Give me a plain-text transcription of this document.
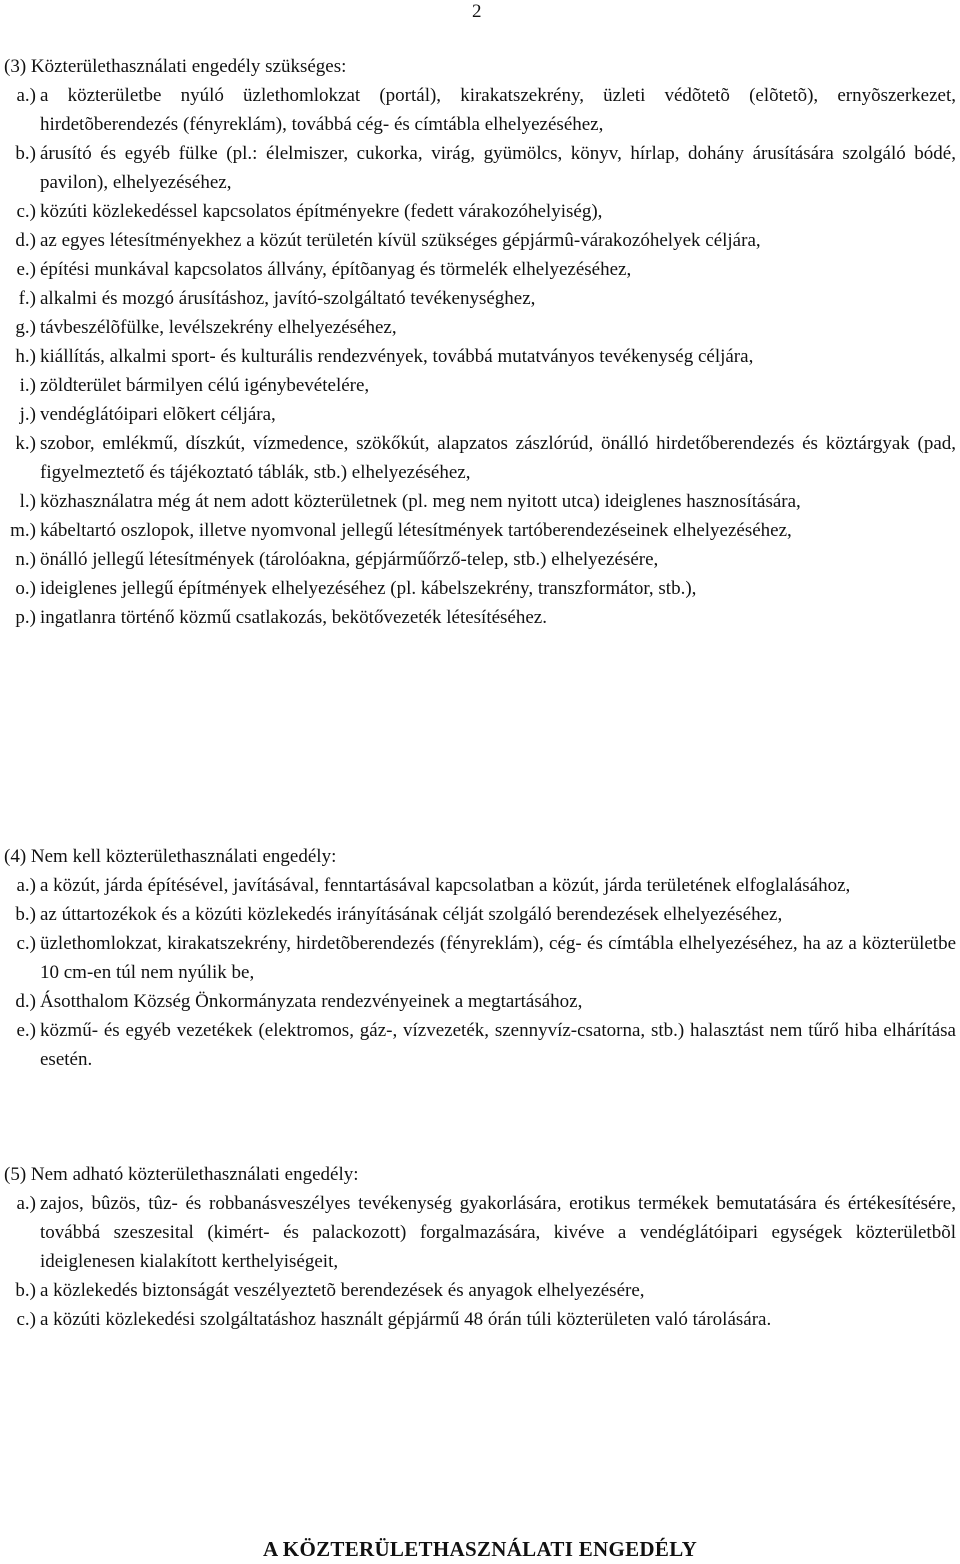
2

(3) Közterülethasználati engedély szükséges:

a.) a közterületbe nyúló üzlethomlokzat (portál), kirakatszekrény, üzleti védõtetõ (elõtetõ), ernyõszerkezet, hirdetõberendezés (fényreklám), továbbá cég- és címtábla elhelyezéséhez,
b.) árusító és egyéb fülke (pl.: élelmiszer, cukorka, virág, gyümölcs, könyv, hírlap, dohány árusítására szolgáló bódé, pavilon), elhelyezéséhez,
c.) közúti közlekedéssel kapcsolatos építményekre (fedett várakozóhelyiség),
d.) az egyes létesítményekhez a közút területén kívül szükséges gépjármû-várakozóhelyek céljára,
e.) építési munkával kapcsolatos állvány, építõanyag és törmelék elhelyezéséhez,
f.) alkalmi és mozgó árusításhoz, javító-szolgáltató tevékenységhez,
g.) távbeszélõfülke, levélszekrény elhelyezéséhez,
h.) kiállítás, alkalmi sport- és kulturális rendezvények, továbbá mutatványos tevékenység céljára,
i.) zöldterület bármilyen célú igénybevételére,
j.) vendéglátóipari elõkert céljára,
k.) szobor, emlékmű, díszkút, vízmedence, szökőkút, alapzatos zászlórúd, önálló hirdetőberendezés és köztárgyak (pad, figyelmeztető és tájékoztató táblák, stb.) elhelyezéséhez,
l.) közhasználatra még át nem adott közterületnek (pl. meg nem nyitott utca) ideiglenes hasznosítására,
m.) kábeltartó oszlopok, illetve nyomvonal jellegű létesítmények tartóberendezéseinek elhelyezéséhez,
n.) önálló jellegű létesítmények (tárolóakna, gépjárműőrző-telep, stb.) elhelyezésére,
o.) ideiglenes jellegű építmények elhelyezéséhez (pl. kábelszekrény, transzformátor, stb.),
p.) ingatlanra történő közmű csatlakozás, bekötővezeték létesítéséhez.

(4) Nem kell közterülethasználati engedély:

a.) a közút, járda építésével, javításával, fenntartásával kapcsolatban a közút, járda területének elfoglalásához,
b.) az úttartozékok és a közúti közlekedés irányításának célját szolgáló berendezések elhelyezéséhez,
c.) üzlethomlokzat, kirakatszekrény, hirdetõberendezés (fényreklám), cég- és címtábla elhelyezéséhez, ha az a közterületbe 10 cm-en túl nem nyúlik be,
d.) Ásotthalom Község Önkormányzata rendezvényeinek a megtartásához,
e.) közmű- és egyéb vezetékek (elektromos, gáz-, vízvezeték, szennyvíz-csatorna, stb.) halasztást nem tűrő hiba elhárítása esetén.

(5) Nem adható közterülethasználati engedély:

a.) zajos, bûzös, tûz- és robbanásveszélyes tevékenység gyakorlására, erotikus termékek bemutatására és értékesítésére, továbbá szeszesital (kimért- és palackozott) forgalmazására, kivéve a vendéglátóipari egységek közterületbõl ideiglenesen kialakított kerthelyiségeit,
b.) a közlekedés biztonságát veszélyeztetõ berendezések és anyagok elhelyezésére,
c.) a közúti közlekedési szolgáltatáshoz használt gépjármű 48 órán túli közterületen való tárolására.
A KÖZTERÜLETHASZNÁLATI ENGEDÉLY
